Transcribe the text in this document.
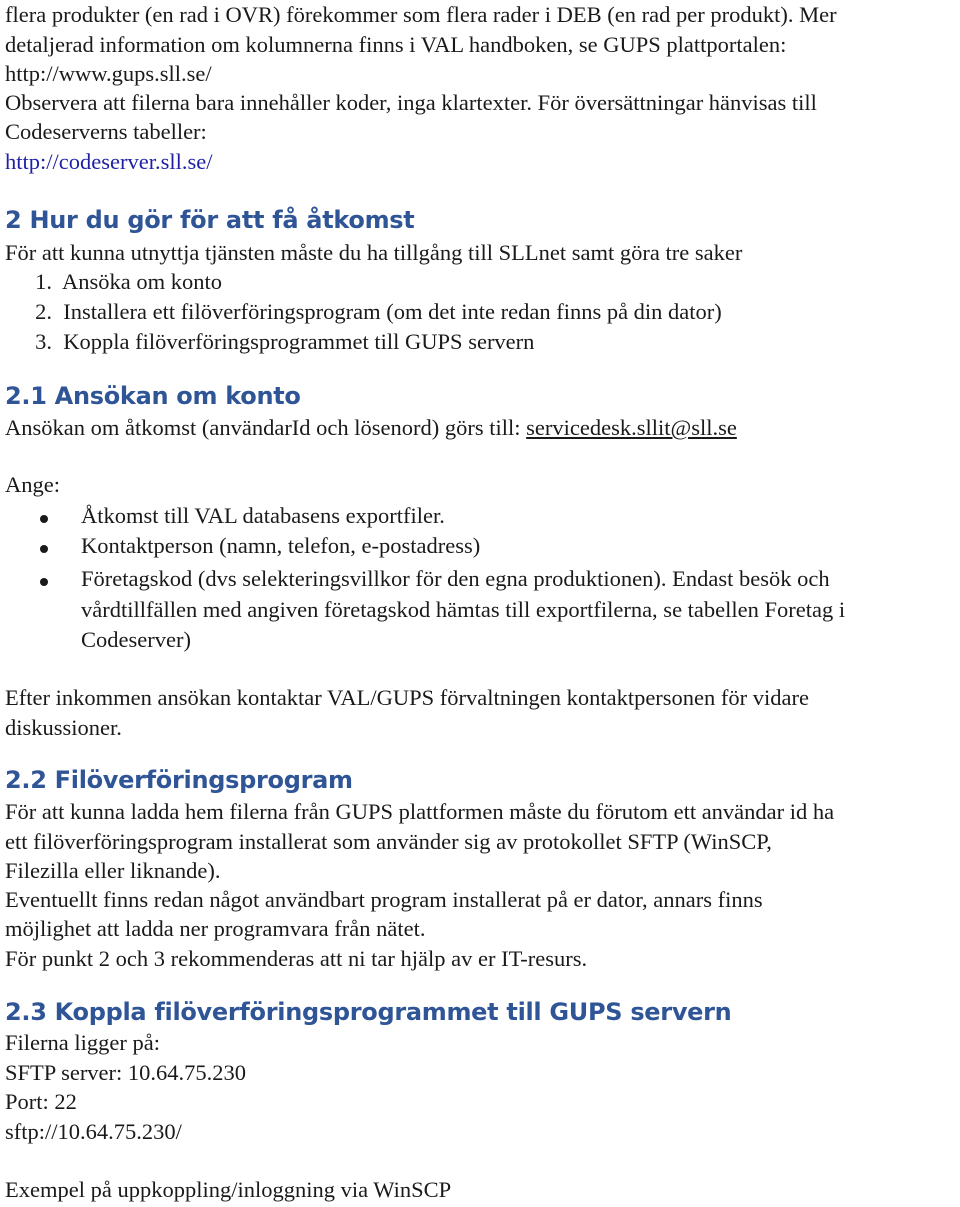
flera produkter (en rad i OVR) förekommer som flera rader i DEB (en rad per produkt). Mer

detaljerad information om kolumnerna finns i VAL handboken, se GUPS plattportalen:

http://www.gups.sll.se/

Observera att filerna bara innehåller koder, inga klartexter. För översättningar hänvisas till

Codeserverns tabeller:

http://codeserver.sll.se/

2 Hur du gör för att få åtkomst

För att kunna utnyttja tjänsten måste du ha tillgång till SLLnet samt göra tre saker

1. Ansöka om konto

2. Installera ett filöverföringsprogram (om det inte redan finns på din dator)

3. Koppla filöverföringsprogrammet till GUPS servern

2.1 Ansökan om konto

Ansökan om åtkomst (användarId och lösenord) görs till: servicedesk.sllit@sll.se

Ange:

Åtkomst till VAL databasens exportfiler.

Kontaktperson (namn, telefon, e-postadress)

Företagskod (dvs selekteringsvillkor för den egna produktionen). Endast besök och

vårdtillfällen med angiven företagskod hämtas till exportfilerna, se tabellen Foretag i

Codeserver)

Efter inkommen ansökan kontaktar VAL/GUPS förvaltningen kontaktpersonen för vidare

diskussioner.

2.2 Filöverföringsprogram

För att kunna ladda hem filerna från GUPS plattformen måste du förutom ett användar id ha

ett filöverföringsprogram installerat som använder sig av protokollet SFTP (WinSCP,

Filezilla eller liknande).

Eventuellt finns redan något användbart program installerat på er dator, annars finns

möjlighet att ladda ner programvara från nätet.

För punkt 2 och 3 rekommenderas att ni tar hjälp av er IT-resurs.

2.3 Koppla filöverföringsprogrammet till GUPS servern

Filerna ligger på:

SFTP server: 10.64.75.230

Port: 22

sftp://10.64.75.230/

Exempel på uppkoppling/inloggning via WinSCP
